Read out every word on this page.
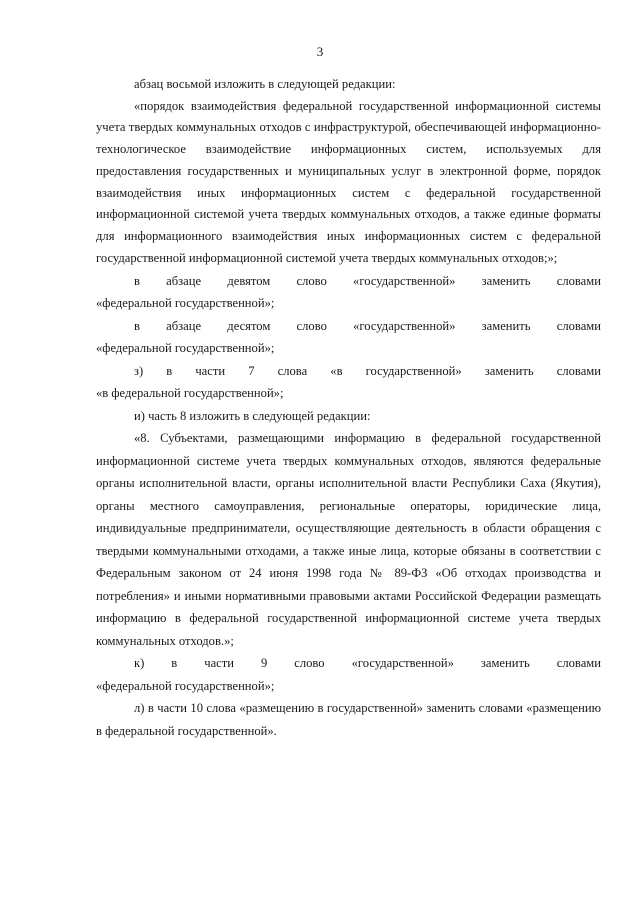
3

абзац восьмой изложить в следующей редакции:

«порядок взаимодействия федеральной государственной информационной системы учета твердых коммунальных отходов с инфраструктурой, обеспечивающей информационно-технологическое взаимодействие информационных систем, используемых для предоставления государственных и муниципальных услуг в электронной форме, порядок взаимодействия иных информационных систем с федеральной государственной информационной системой учета твердых коммунальных отходов, а также единые форматы для информационного взаимодействия иных информационных систем с федеральной государственной информационной системой учета твердых коммунальных отходов;»;

в абзаце девятом слово «государственной» заменить словами
«федеральной государственной»;

в абзаце десятом слово «государственной» заменить словами
«федеральной государственной»;

з) в части 7 слова «в государственной» заменить словами
«в федеральной государственной»;

и) часть 8 изложить в следующей редакции:

«8. Субъектами, размещающими информацию в федеральной государственной информационной системе учета твердых коммунальных отходов, являются федеральные органы исполнительной власти, органы исполнительной власти Республики Саха (Якутия), органы местного самоуправления, региональные операторы, юридические лица, индивидуальные предприниматели, осуществляющие деятельность в области обращения с твердыми коммунальными отходами, а также иные лица, которые обязаны в соответствии с Федеральным законом от 24 июня 1998 года № 89-ФЗ «Об отходах производства и потребления» и иными нормативными правовыми актами Российской Федерации размещать информацию в федеральной государственной информационной системе учета твердых коммунальных отходов.»;

к) в части 9 слово «государственной» заменить словами
«федеральной государственной»;

л) в части 10 слова «размещению в государственной» заменить словами «размещению в федеральной государственной».
